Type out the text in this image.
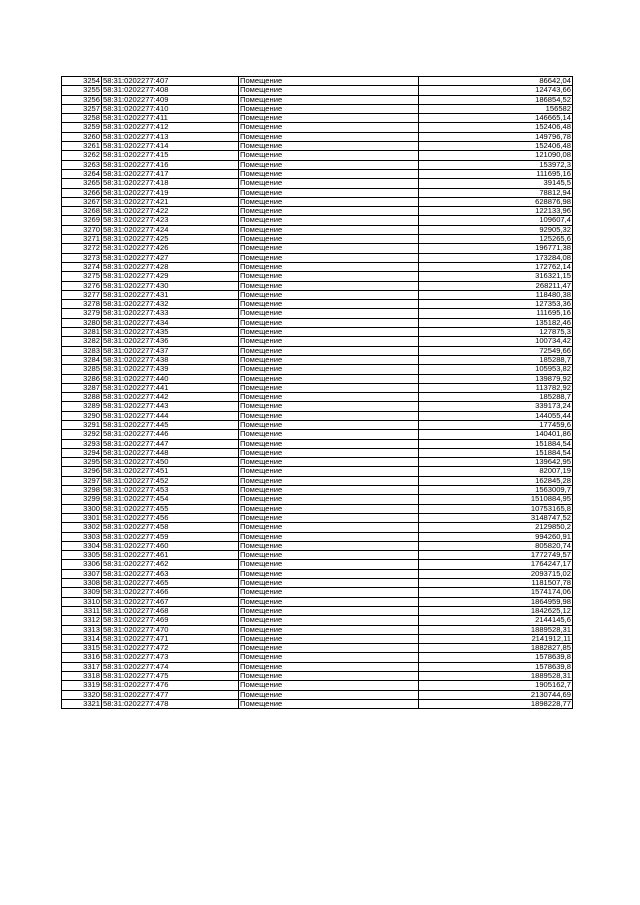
3254	58:31:0202277:407	Помещение	86642,04
3255	58:31:0202277:408	Помещение	124743,66
3256	58:31:0202277:409	Помещение	186854,52
3257	58:31:0202277:410	Помещение	156582
3258	58:31:0202277:411	Помещение	146665,14
3259	58:31:0202277:412	Помещение	152406,48
3260	58:31:0202277:413	Помещение	149796,78
3261	58:31:0202277:414	Помещение	152406,48
3262	58:31:0202277:415	Помещение	121090,08
3263	58:31:0202277:416	Помещение	153972,3
3264	58:31:0202277:417	Помещение	111695,16
3265	58:31:0202277:418	Помещение	39145,5
3266	58:31:0202277:419	Помещение	78812,94
3267	58:31:0202277:421	Помещение	628876,98
3268	58:31:0202277:422	Помещение	122133,96
3269	58:31:0202277:423	Помещение	109607,4
3270	58:31:0202277:424	Помещение	92905,32
3271	58:31:0202277:425	Помещение	125265,6
3272	58:31:0202277:426	Помещение	196771,38
3273	58:31:0202277:427	Помещение	173284,08
3274	58:31:0202277:428	Помещение	172762,14
3275	58:31:0202277:429	Помещение	316321,15
3276	58:31:0202277:430	Помещение	268211,47
3277	58:31:0202277:431	Помещение	118480,38
3278	58:31:0202277:432	Помещение	127353,36
3279	58:31:0202277:433	Помещение	111695,16
3280	58:31:0202277:434	Помещение	135182,46
3281	58:31:0202277:435	Помещение	127875,3
3282	58:31:0202277:436	Помещение	100734,42
3283	58:31:0202277:437	Помещение	72549,66
3284	58:31:0202277:438	Помещение	185288,7
3285	58:31:0202277:439	Помещение	105953,82
3286	58:31:0202277:440	Помещение	139879,92
3287	58:31:0202277:441	Помещение	113782,92
3288	58:31:0202277:442	Помещение	185288,7
3289	58:31:0202277:443	Помещение	339173,24
3290	58:31:0202277:444	Помещение	144055,44
3291	58:31:0202277:445	Помещение	177459,6
3292	58:31:0202277:446	Помещение	140401,86
3293	58:31:0202277:447	Помещение	151884,54
3294	58:31:0202277:448	Помещение	151884,54
3295	58:31:0202277:450	Помещение	139642,95
3296	58:31:0202277:451	Помещение	82007,19
3297	58:31:0202277:452	Помещение	162845,28
3298	58:31:0202277:453	Помещение	1563009,7
3299	58:31:0202277:454	Помещение	1510884,95
3300	58:31:0202277:455	Помещение	10753165,8
3301	58:31:0202277:456	Помещение	3148747,52
3302	58:31:0202277:458	Помещение	2129850,2
3303	58:31:0202277:459	Помещение	994260,91
3304	58:31:0202277:460	Помещение	805820,74
3305	58:31:0202277:461	Помещение	1772749,57
3306	58:31:0202277:462	Помещение	1764247,17
3307	58:31:0202277:463	Помещение	2093715,02
3308	58:31:0202277:465	Помещение	1181507,78
3309	58:31:0202277:466	Помещение	1574174,06
3310	58:31:0202277:467	Помещение	1864959,98
3311	58:31:0202277:468	Помещение	1842625,12
3312	58:31:0202277:469	Помещение	2144145,6
3313	58:31:0202277:470	Помещение	1889528,31
3314	58:31:0202277:471	Помещение	2141912,11
3315	58:31:0202277:472	Помещение	1882827,85
3316	58:31:0202277:473	Помещение	1578639,8
3317	58:31:0202277:474	Помещение	1578639,8
3318	58:31:0202277:475	Помещение	1889528,31
3319	58:31:0202277:476	Помещение	1905162,7
3320	58:31:0202277:477	Помещение	2130744,69
3321	58:31:0202277:478	Помещение	1898228,77
